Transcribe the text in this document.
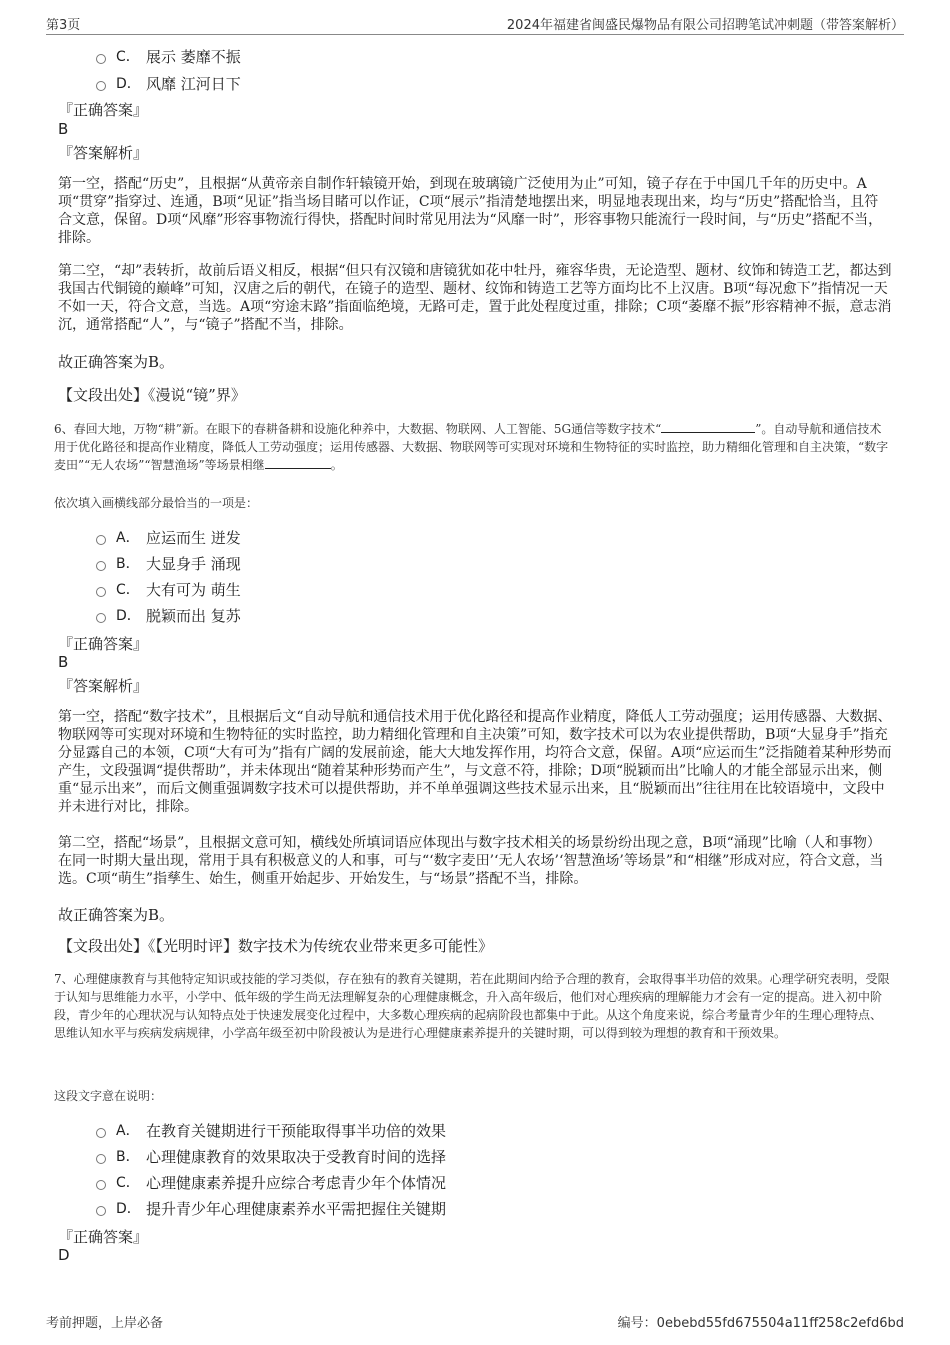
第3页	2024年福建省闽盛民爆物品有限公司招聘笔试冲刺题（带答案解析）
C． 展示 萎靡不振
D． 风靡 江河日下
『正确答案』
B
『答案解析』
第一空，搭配“历史”，且根据“从黄帝亲自制作轩辕镜开始，到现在玻璃镜广泛使用为止”可知，镜子存在于中国几千年的历史中。A项“贯穿”指穿过、连通，B项“见证”指当场目睹可以作证，C项“展示”指清楚地摆出来，明显地表现出来，均与“历史”搭配恰当，且符合文意，保留。D项“风靡”形容事物流行得快，搭配时间时常见用法为“风靡一时”，形容事物只能流行一段时间，与“历史”搭配不当，排除。
第二空，“却”表转折，故前后语义相反，根据“但只有汉镜和唐镜犹如花中牡丹，雍容华贵，无论造型、题材、纹饰和铸造工艺，都达到我国古代铜镜的巅峰”可知，汉唐之后的朝代，在镜子的造型、题材、纹饰和铸造工艺等方面均比不上汉唐。B项“每况愈下”指情况一天不如一天，符合文意，当选。A项“穷途末路”指面临绝境，无路可走，置于此处程度过重，排除；C项“萎靡不振”形容精神不振，意志消沉，通常搭配“人”，与“镜子”搭配不当，排除。
故正确答案为B。
【文段出处】《漫说“镜”界》
6、春回大地，万物“耕”新。在眼下的春耕备耕和设施化种养中，大数据、物联网、人工智能、5G通信等数字技术“	”。自动导航和通信技术用于优化路径和提高作业精度，降低人工劳动强度；运用传感器、大数据、物联网等可实现对环境和生物特征的实时监控，助力精细化管理和自主决策，“数字麦田”“无人农场”“智慧渔场”等场景相继	。
依次填入画横线部分最恰当的一项是：
A． 应运而生 迸发
B． 大显身手 涌现
C． 大有可为 萌生
D． 脱颖而出 复苏
『正确答案』
B
『答案解析』
第一空，搭配“数字技术”，且根据后文“自动导航和通信技术用于优化路径和提高作业精度，降低人工劳动强度；运用传感器、大数据、物联网等可实现对环境和生物特征的实时监控，助力精细化管理和自主决策”可知，数字技术可以为农业提供帮助，B项“大显身手”指充分显露自己的本领，C项“大有可为”指有广阔的发展前途，能大大地发挥作用，均符合文意，保留。A项“应运而生”泛指随着某种形势而产生，文段强调“提供帮助”，并未体现出“随着某种形势而产生”，与文意不符，排除；D项“脱颖而出”比喻人的才能全部显示出来，侧重“显示出来”，而后文侧重强调数字技术可以提供帮助，并不单单强调这些技术显示出来，且“脱颖而出”往往用在比较语境中，文段中并未进行对比，排除。
第二空，搭配“场景”，且根据文意可知，横线处所填词语应体现出与数字技术相关的场景纷纷出现之意，B项“涌现”比喻（人和事物）在同一时期大量出现，常用于具有积极意义的人和事，可与“‘数字麦田’‘无人农场’‘智慧渔场’等场景”和“相继”形成对应，符合文意，当选。C项“萌生”指孳生、始生，侧重开始起步、开始发生，与“场景”搭配不当，排除。
故正确答案为B。
【文段出处】《【光明时评】数字技术为传统农业带来更多可能性》
7、心理健康教育与其他特定知识或技能的学习类似，存在独有的教育关键期，若在此期间内给予合理的教育，会取得事半功倍的效果。心理学研究表明，受限于认知与思维能力水平，小学中、低年级的学生尚无法理解复杂的心理健康概念，升入高年级后，他们对心理疾病的理解能力才会有一定的提高。进入初中阶段，青少年的心理状况与认知特点处于快速发展变化过程中，大多数心理疾病的起病阶段也都集中于此。从这个角度来说，综合考量青少年的生理心理特点、思维认知水平与疾病发病规律，小学高年级至初中阶段被认为是进行心理健康素养提升的关键时期，可以得到较为理想的教育和干预效果。
这段文字意在说明：
A． 在教育关键期进行干预能取得事半功倍的效果
B． 心理健康教育的效果取决于受教育时间的选择
C． 心理健康素养提升应综合考虑青少年个体情况
D． 提升青少年心理健康素养水平需把握住关键期
『正确答案』
D
考前押题，上岸必备	编号：0ebebd55fd675504a11ff258c2efd6bd
